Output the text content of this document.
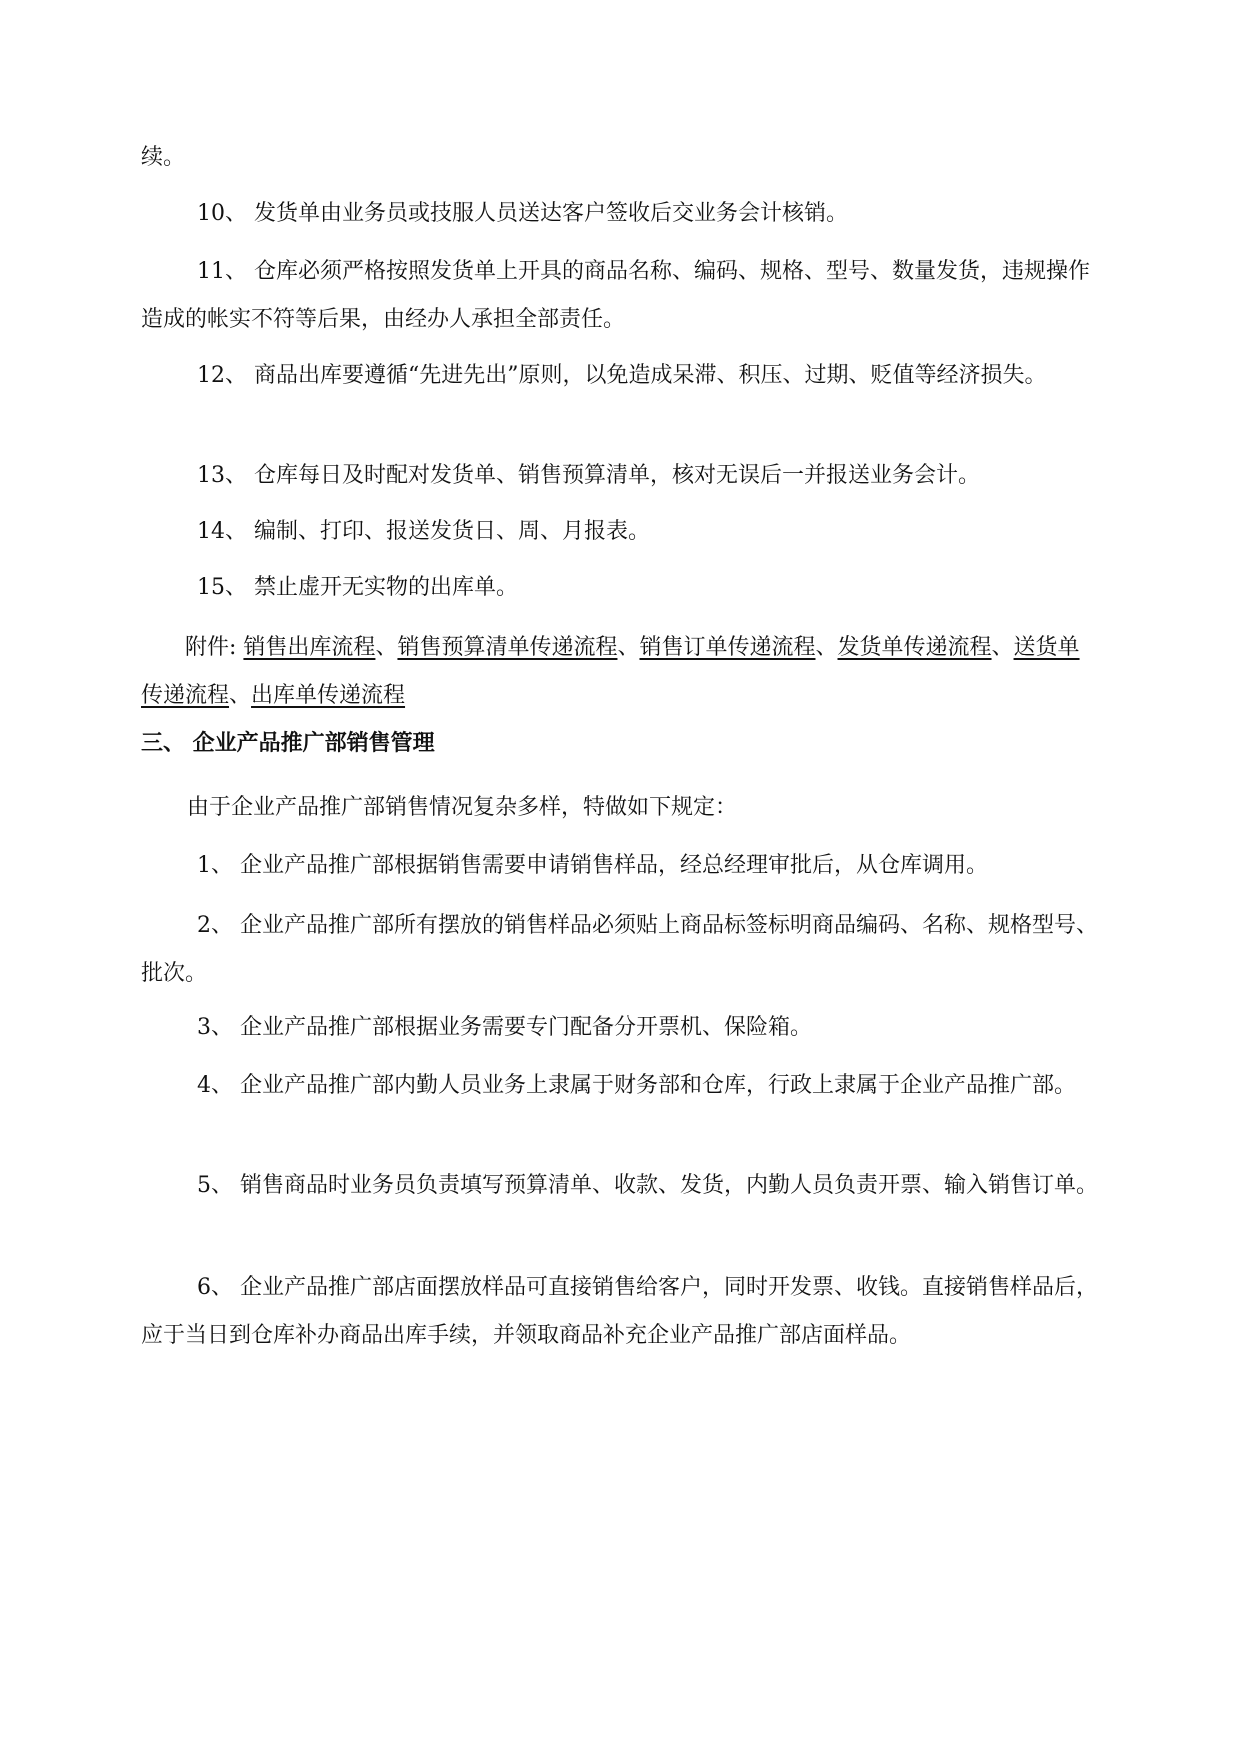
续。

10、 发货单由业务员或技服人员送达客户签收后交业务会计核销。

11、 仓库必须严格按照发货单上开具的商品名称、编码、规格、型号、数量发货，违规操作造成的帐实不符等后果，由经办人承担全部责任。

12、 商品出库要遵循“先进先出”原则，以免造成呆滞、积压、过期、贬值等经济损失。

13、 仓库每日及时配对发货单、销售预算清单，核对无误后一并报送业务会计。

14、 编制、打印、报送发货日、周、月报表。

15、 禁止虚开无实物的出库单。

附件: 销售出库流程、销售预算清单传递流程、销售订单传递流程、发货单传递流程、送货单传递流程、出库单传递流程

三、 企业产品推广部销售管理

由于企业产品推广部销售情况复杂多样，特做如下规定：

1、 企业产品推广部根据销售需要申请销售样品，经总经理审批后，从仓库调用。

2、 企业产品推广部所有摆放的销售样品必须贴上商品标签标明商品编码、名称、规格型号、批次。

3、 企业产品推广部根据业务需要专门配备分开票机、保险箱。

4、 企业产品推广部内勤人员业务上隶属于财务部和仓库，行政上隶属于企业产品推广部。

5、 销售商品时业务员负责填写预算清单、收款、发货，内勤人员负责开票、输入销售订单。

6、 企业产品推广部店面摆放样品可直接销售给客户，同时开发票、收钱。直接销售样品后，应于当日到仓库补办商品出库手续，并领取商品补充企业产品推广部店面样品。
